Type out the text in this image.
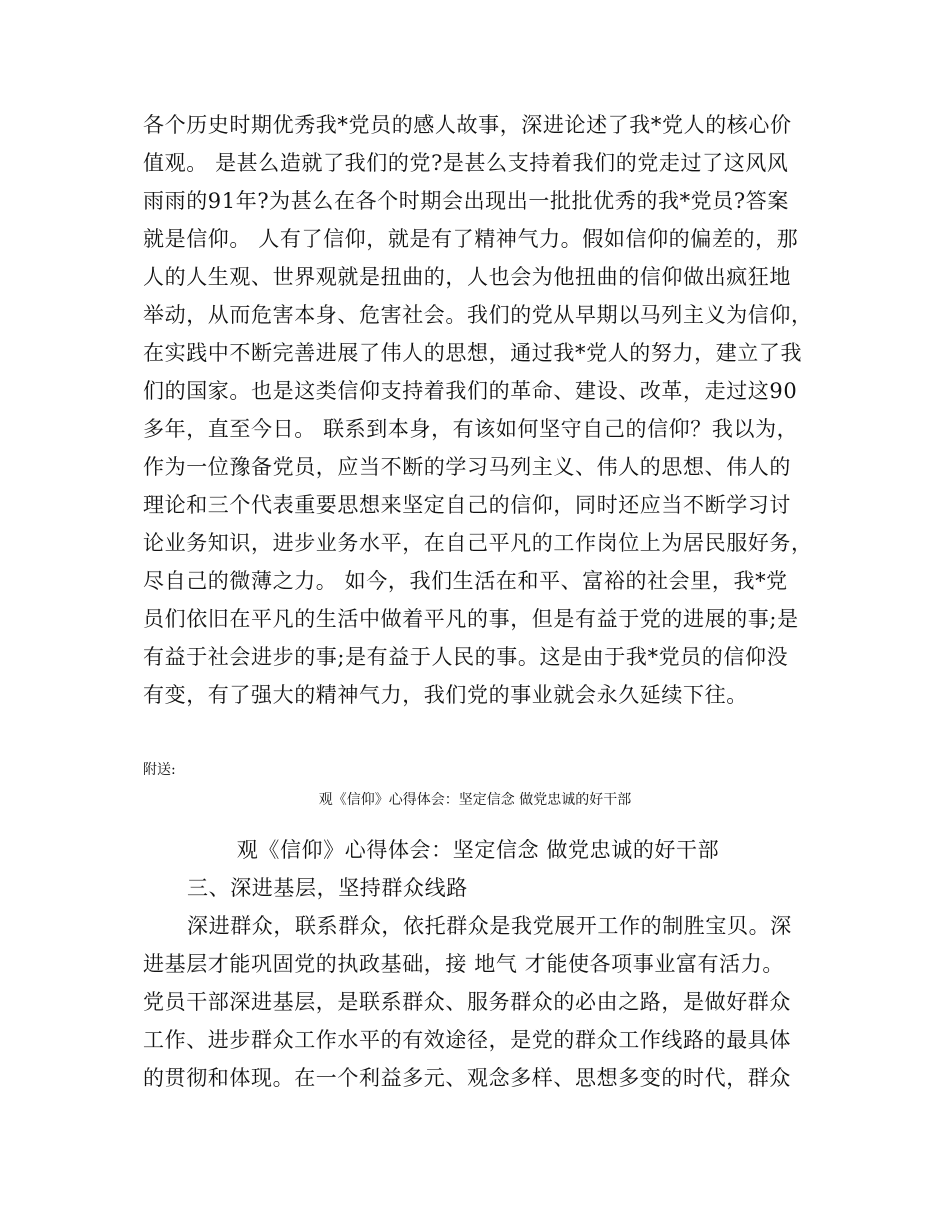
各个历史时期优秀我*党员的感人故事，深进论述了我*党人的核心价
值观。 是甚么造就了我们的党?是甚么支持着我们的党走过了这风风
雨雨的91年?为甚么在各个时期会出现出一批批优秀的我*党员?答案
就是信仰。 人有了信仰，就是有了精神气力。假如信仰的偏差的，那
人的人生观、世界观就是扭曲的，人也会为他扭曲的信仰做出疯狂地
举动，从而危害本身、危害社会。我们的党从早期以马列主义为信仰，
在实践中不断完善进展了伟人的思想，通过我*党人的努力，建立了我
们的国家。也是这类信仰支持着我们的革命、建设、改革，走过这90
多年，直至今日。 联系到本身，有该如何坚守自己的信仰？我以为，
作为一位豫备党员，应当不断的学习马列主义、伟人的思想、伟人的
理论和三个代表重要思想来坚定自己的信仰，同时还应当不断学习讨
论业务知识，进步业务水平，在自己平凡的工作岗位上为居民服好务，
尽自己的微薄之力。 如今，我们生活在和平、富裕的社会里，我*党
员们依旧在平凡的生活中做着平凡的事，但是有益于党的进展的事;是
有益于社会进步的事;是有益于人民的事。这是由于我*党员的信仰没
有变，有了强大的精神气力，我们党的事业就会永久延续下往。
附送:
观《信仰》心得体会：坚定信念 做党忠诚的好干部
观《信仰》心得体会：坚定信念 做党忠诚的好干部
三、深进基层，坚持群众线路
深进群众，联系群众，依托群众是我党展开工作的制胜宝贝。深
进基层才能巩固党的执政基础，接 地气 才能使各项事业富有活力。
党员干部深进基层，是联系群众、服务群众的必由之路，是做好群众
工作、进步群众工作水平的有效途径，是党的群众工作线路的最具体
的贯彻和体现。在一个利益多元、观念多样、思想多变的时代，群众
